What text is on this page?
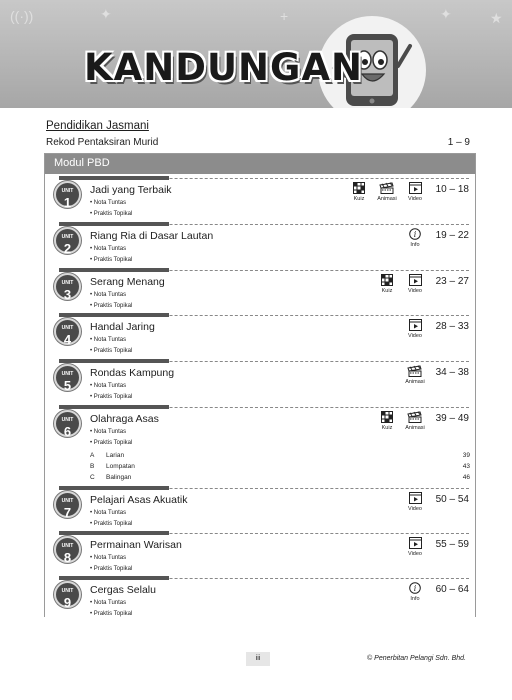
((·))	✦	+	✦	★
KANDUNGAN
Pendidikan Jasmani
Rekod Pentaksiran Murid	1 – 9
Modul PBD
UNIT
1
Jadi yang Terbaik
• Nota Tuntas
• Praktis Topikal
Kuiz	Animasi	Video
10 – 18
UNIT
2
Riang Ria di Dasar Lautan
• Nota Tuntas
• Praktis Topikal
i
Info
19 – 22
UNIT
3
Serang Menang
• Nota Tuntas
• Praktis Topikal
Kuiz	Video
23 – 27
UNIT
4
Handal Jaring
• Nota Tuntas
• Praktis Topikal
Video
28 – 33
UNIT
5
Rondas Kampung
• Nota Tuntas
• Praktis Topikal
Animasi
34 – 38
UNIT
6
Olahraga Asas
• Nota Tuntas
• Praktis Topikal
Kuiz	Animasi
39 – 49
A Larian	39
B Lompatan	43
C Balingan	46
UNIT
7
Pelajari Asas Akuatik
• Nota Tuntas
• Praktis Topikal
Video
50 – 54
UNIT
8
Permainan Warisan
• Nota Tuntas
• Praktis Topikal
Video
55 – 59
UNIT
9
Cergas Selalu
• Nota Tuntas
• Praktis Topikal
i
Info
60 – 64
iii	© Penerbitan Pelangi Sdn. Bhd.
